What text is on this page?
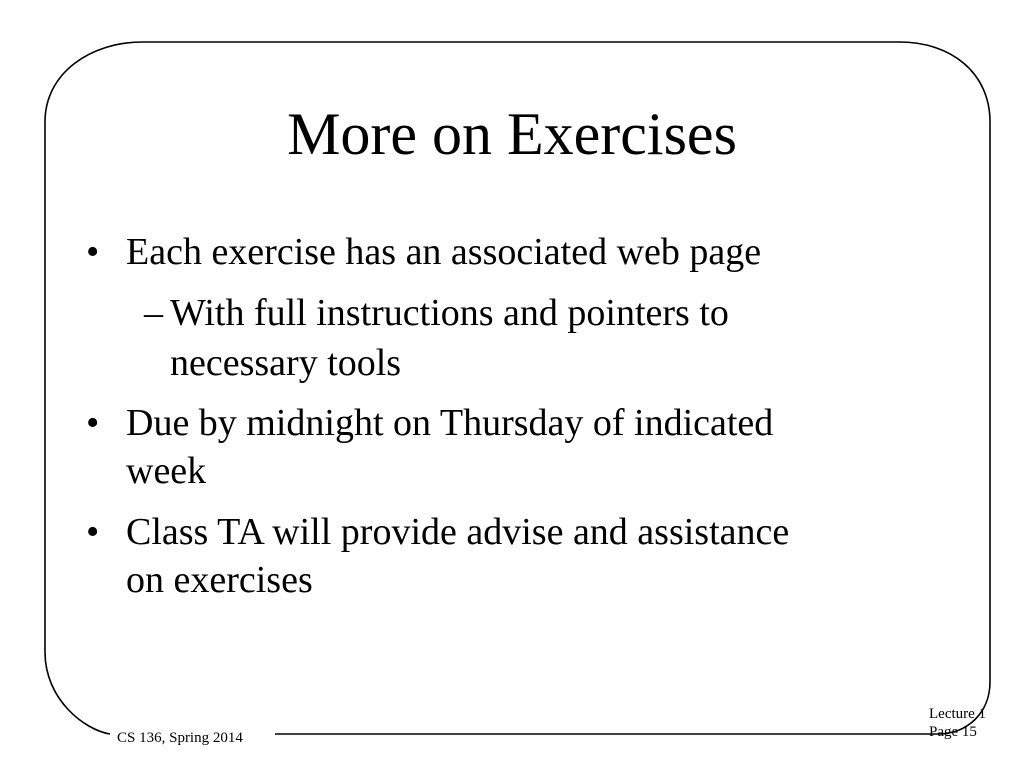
More on Exercises
• Each exercise has an associated web page
– With full instructions and pointers to
necessary tools
• Due by midnight on Thursday of indicated
week
• Class TA will provide advise and assistance
on exercises
CS 136, Spring 2014
Lecture 1
Page 15
